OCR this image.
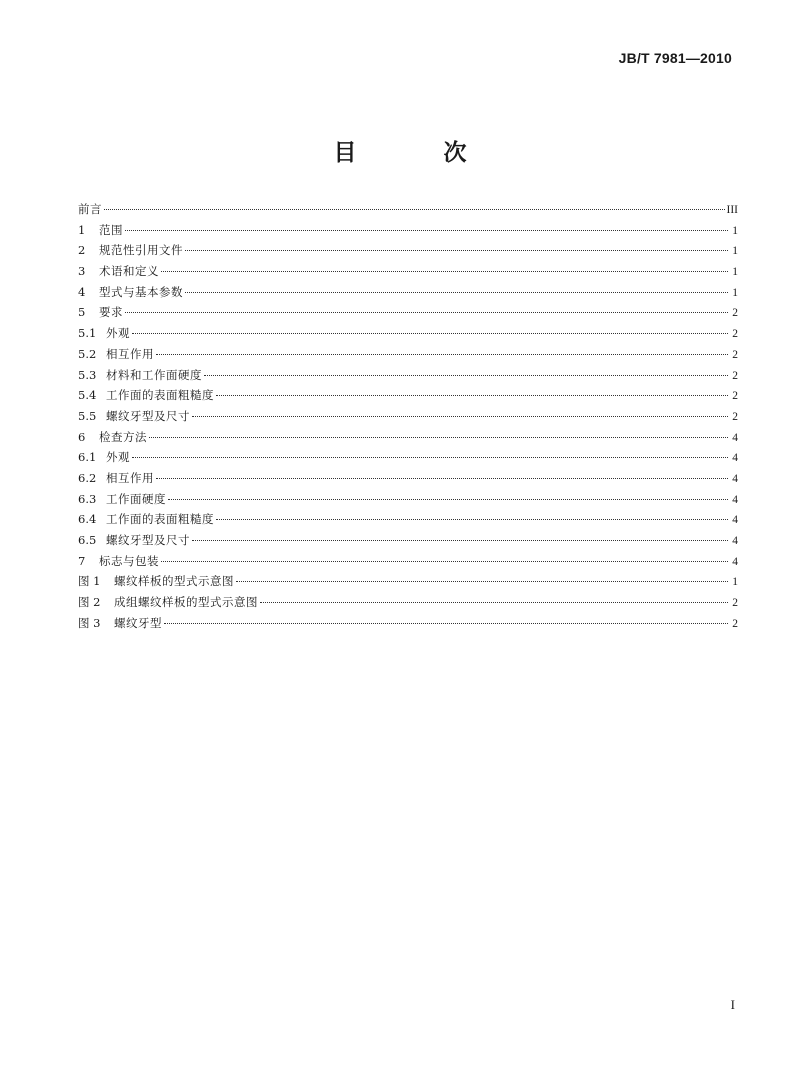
JB/T 7981—2010
目　次
前言	III
1	范围	1
2	规范性引用文件	1
3	术语和定义	1
4	型式与基本参数	1
5	要求	2
5.1 外观	2
5.2 相互作用	2
5.3 材料和工作面硬度	2
5.4 工作面的表面粗糙度	2
5.5 螺纹牙型及尺寸	2
6	检查方法	4
6.1 外观	4
6.2 相互作用	4
6.3 工作面硬度	4
6.4 工作面的表面粗糙度	4
6.5 螺纹牙型及尺寸	4
7	标志与包装	4
图 1	螺纹样板的型式示意图	1
图 2	成组螺纹样板的型式示意图	2
图 3	螺纹牙型	2
I
